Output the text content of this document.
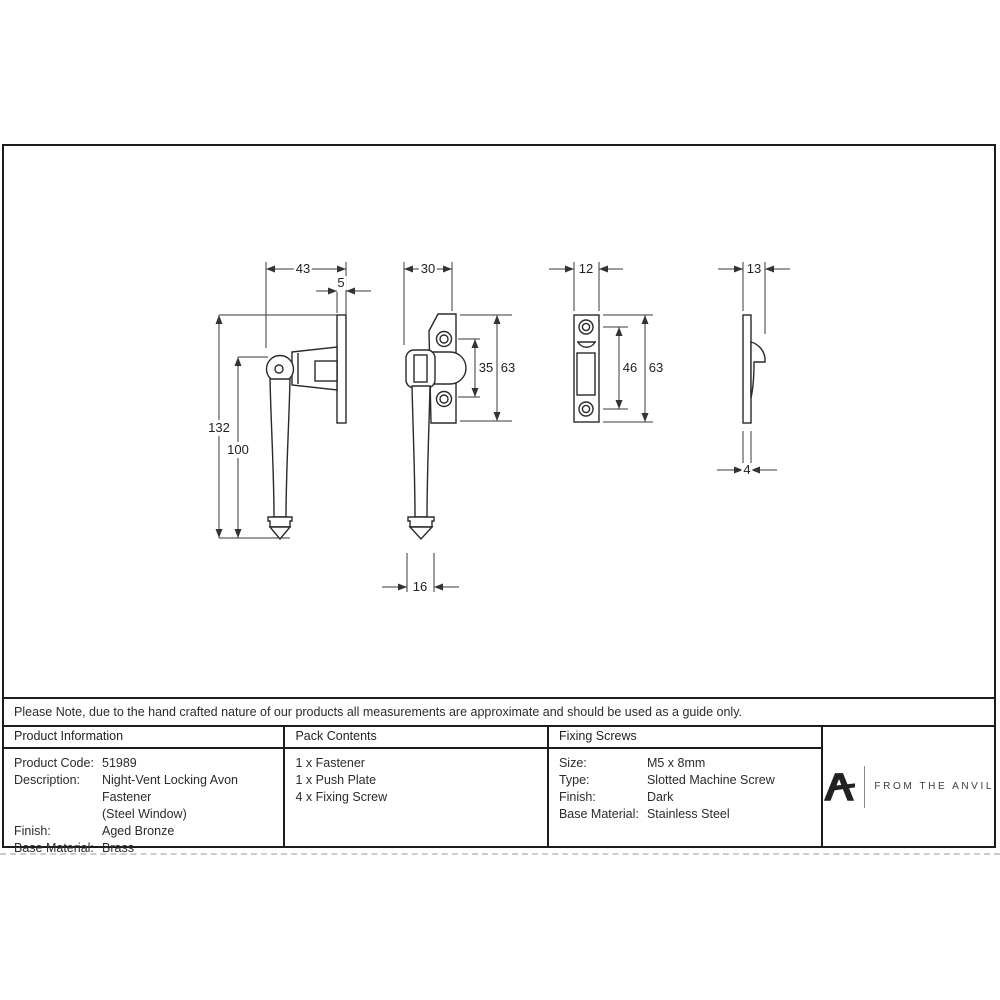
43
5
132
100
30
35 63
16
12
46 63
13
4
Please Note, due to the hand crafted nature of our products all measurements are approximate and should be used as a guide only.
Product Information
Product Code: 51989
Description:	Night-Vent Locking Avon Fastener
(Steel Window)
Finish:	Aged Bronze
Base Material: Brass
Pack Contents
1 x Fastener
1 x Push Plate
4 x Fixing Screw
Fixing Screws
Size:	M5 x 8mm
Type:	Slotted Machine Screw
Finish:	Dark
Base Material: Stainless Steel
FROM THE ANVIL
